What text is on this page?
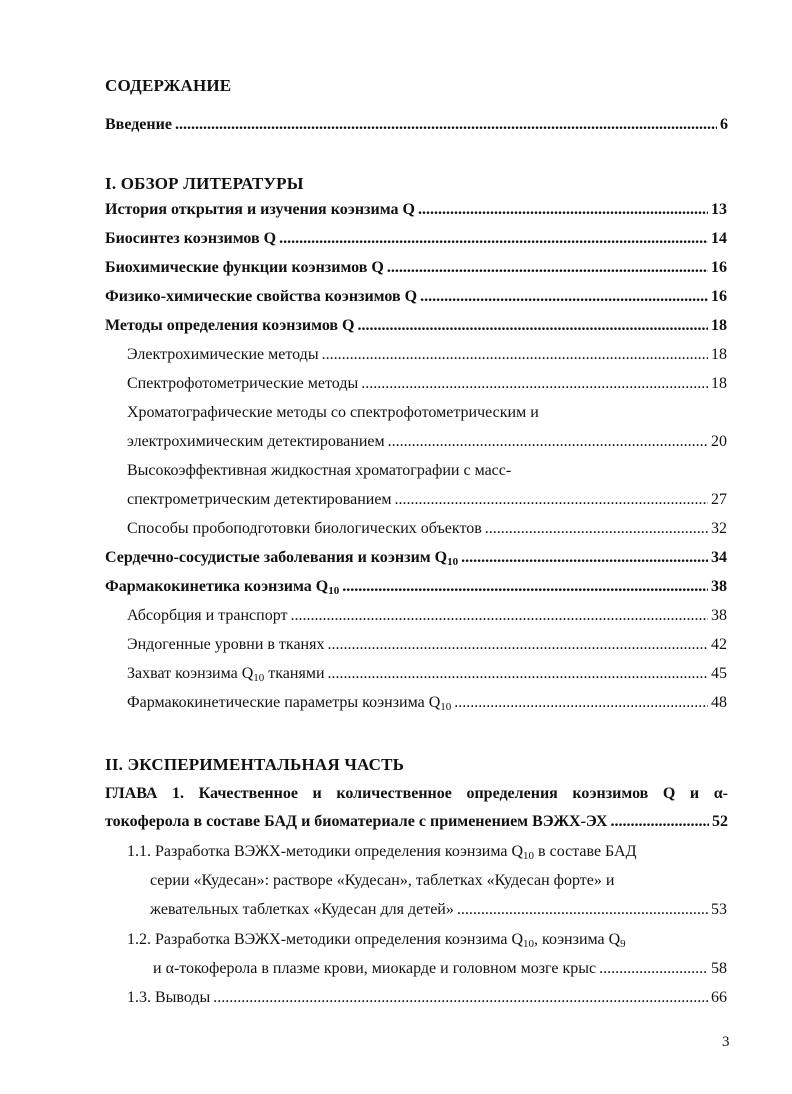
СОДЕРЖАНИЕ
Введение . . .	6
I. ОБЗОР ЛИТЕРАТУРЫ
История открытия и изучения коэнзима Q . . .	13
Биосинтез коэнзимов Q . . .	14
Биохимические функции коэнзимов Q . . .	16
Физико-химические свойства коэнзимов Q . . .	16
Методы определения коэнзимов Q . . .	18
Электрохимические методы . . .	18
Спектрофотометрические методы . . .	18
Хроматографические методы со спектрофотометрическим и
электрохимическим детектированием . . .	20
Высокоэффективная жидкостная хроматографии с масс-
спектрометрическим детектированием . . .	27
Способы пробоподготовки биологических объектов . . .	32
Сердечно-сосудистые заболевания и коэнзим $Q_{10}$ . . .	34
Фармакокинетика коэнзима $Q_{10}$ . . .	38
Абсорбция и транспорт . . .	38
Эндогенные уровни в тканях . . .	42
Захват коэнзима $Q_{10}$ тканями . . .	45
Фармакокинетические параметры коэнзима $Q_{10}$ . . .	48
II. ЭКСПЕРИМЕНТАЛЬНАЯ ЧАСТЬ
ГЛАВА 1. Качественное и количественное определения коэнзимов Q и α-
токоферола в составе БАД и биоматериале с применением ВЭЖХ-ЭХ . . .	52
1.1. Разработка ВЭЖХ-методики определения коэнзима $Q_{10}$ в составе БАД
серии «Кудесан»: растворе «Кудесан», таблетках «Кудесан форте» и
жевательных таблетках «Кудесан для детей» . . .	53
1.2. Разработка ВЭЖХ-методики определения коэнзима $Q_{10}$, коэнзима $Q_9$
и α-токоферола в плазме крови, миокарде и головном мозге крыс . . .	58
1.3. Выводы . . .	66
3
